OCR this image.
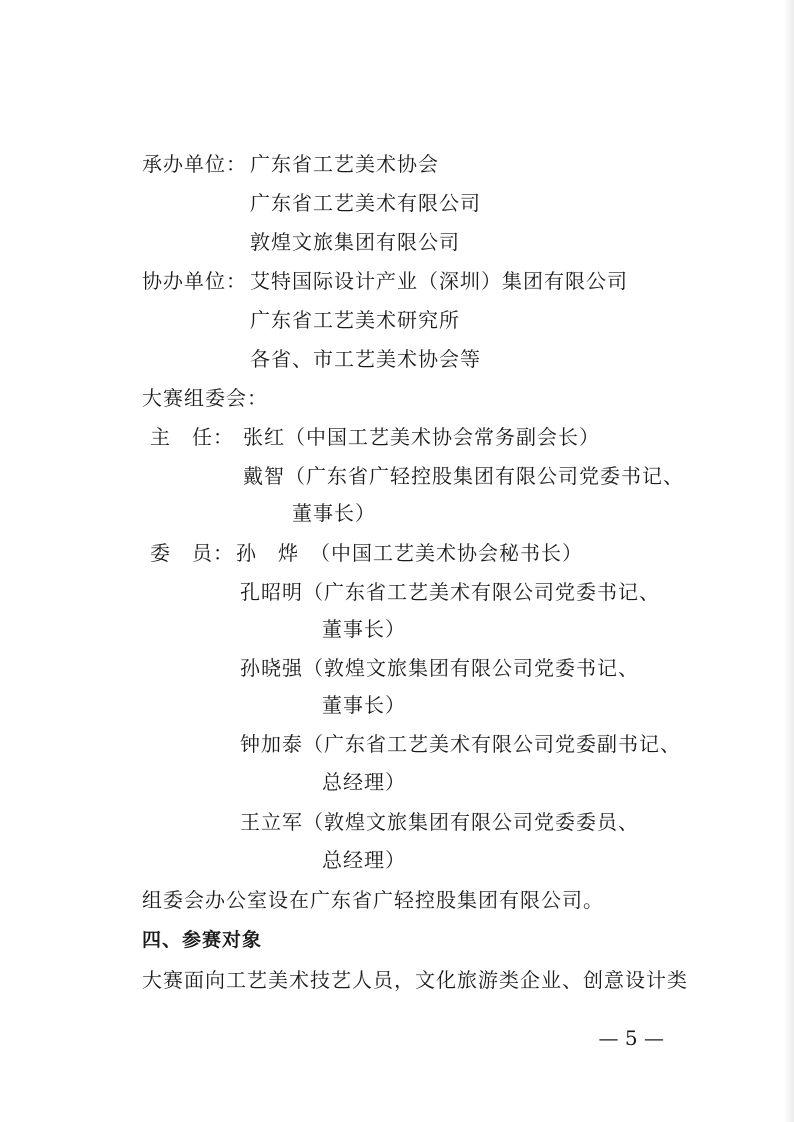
承办单位： 广东省工艺美术协会
广东省工艺美术有限公司
敦煌文旅集团有限公司
协办单位： 艾特国际设计产业（深圳）集团有限公司
广东省工艺美术研究所
各省、市工艺美术协会等
大赛组委会：
主　任： 张红（中国工艺美术协会常务副会长）
戴智（广东省广轻控股集团有限公司党委书记、
董事长）
委　员： 孙　烨　（中国工艺美术协会秘书长）
孔昭明（广东省工艺美术有限公司党委书记、
董事长）
孙晓强（敦煌文旅集团有限公司党委书记、
董事长）
钟加泰（广东省工艺美术有限公司党委副书记、
总经理）
王立军（敦煌文旅集团有限公司党委委员、
总经理）
组委会办公室设在广东省广轻控股集团有限公司。
四、参赛对象
大赛面向工艺美术技艺人员，文化旅游类企业、创意设计类
— 5 —
